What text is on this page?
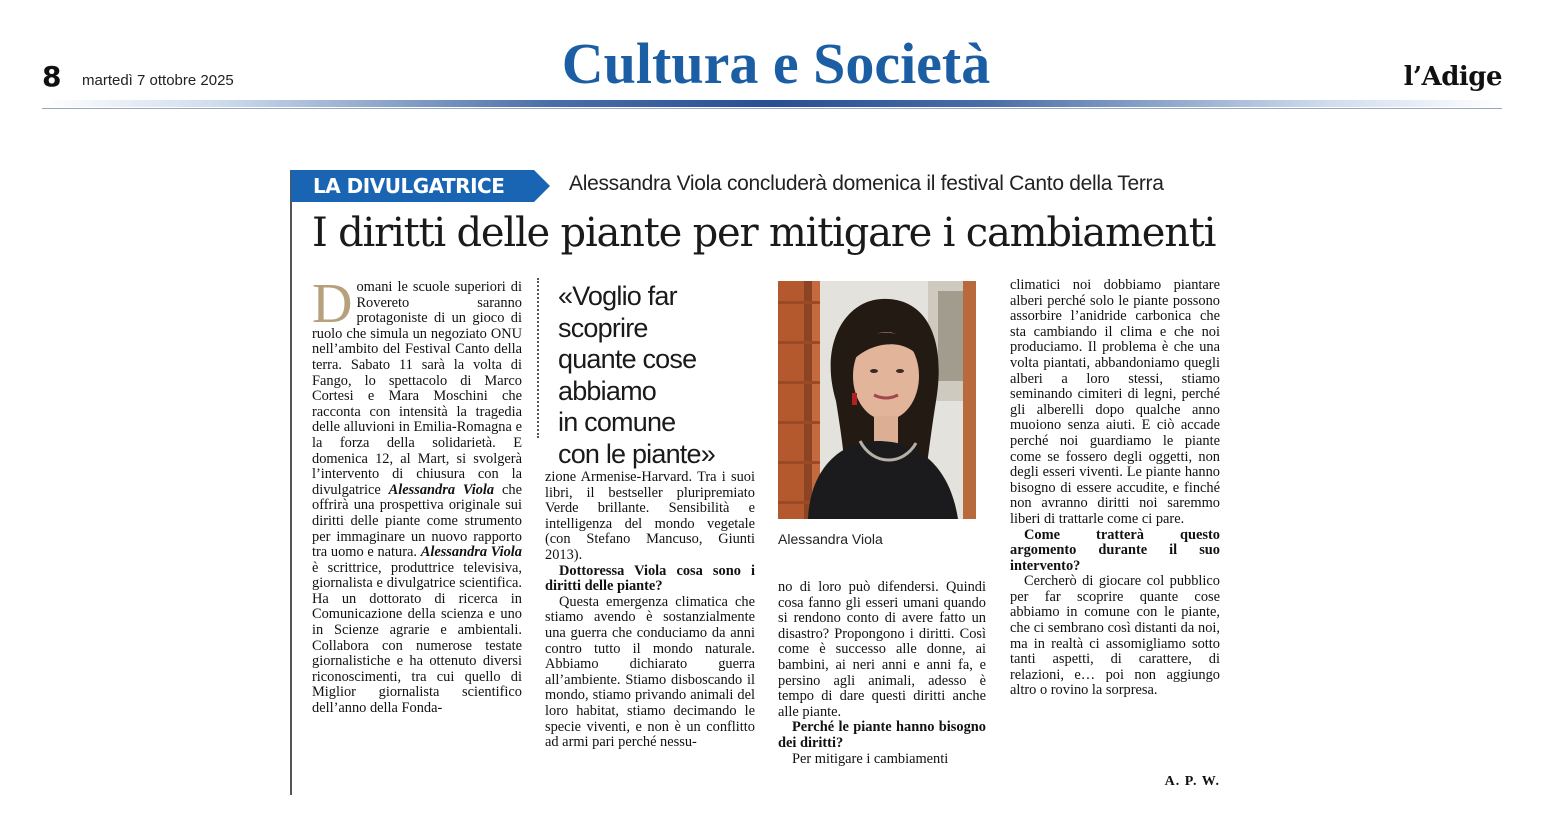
8 martedì 7 ottobre 2025	Cultura e Società	l’Adige
LA DIVULGATRICE	Alessandra Viola concluderà domenica il festival Canto della Terra
I diritti delle piante per mitigare i cambiamenti

Domani le scuole superiori di Rovereto saranno protagoniste di un gioco di ruolo che simula un negoziato ONU nell’ambito del Festival Canto della terra. Sabato 11 sarà la volta di Fango, lo spettacolo di Marco Cortesi e Mara Moschini che racconta con intensità la tragedia delle alluvioni in Emilia-Romagna e la forza della solidarietà. E domenica 12, al Mart, si svolgerà l’intervento di chiusura con la divulgatrice Alessandra Viola che offrirà una prospettiva originale sui diritti delle piante come strumento per immaginare un nuovo rapporto tra uomo e natura. Alessandra Viola è scrittrice, produttrice televisiva, giornalista e divulgatrice scientifica. Ha un dottorato di ricerca in Comunicazione della scienza e uno in Scienze agrarie e ambientali. Collabora con numerose testate giornalistiche e ha ottenuto diversi riconoscimenti, tra cui quello di Miglior giornalista scientifico dell’anno della Fonda-

«Voglio far scoprire
quante cose
abbiamo
in comune
con le piante»

zione Armenise-Harvard. Tra i suoi libri, il bestseller pluripremiato Verde brillante. Sensibilità e intelligenza del mondo vegetale (con Stefano Mancuso, Giunti 2013).

Dottoressa Viola cosa sono i diritti delle piante?

Questa emergenza climatica che stiamo avendo è sostanzialmente una guerra che conduciamo da anni contro tutto il mondo naturale. Abbiamo dichiarato guerra all’ambiente. Stiamo disboscando il mondo, stiamo privando animali del loro habitat, stiamo decimando le specie viventi, e non è un conflitto ad armi pari perché nessu-

Alessandra Viola

no di loro può difendersi. Quindi cosa fanno gli esseri umani quando si rendono conto di avere fatto un disastro? Propongono i diritti. Così come è successo alle donne, ai bambini, ai neri anni e anni fa, e persino agli animali, adesso è tempo di dare questi diritti anche alle piante.

Perché le piante hanno bisogno dei diritti?

Per mitigare i cambiamenti

climatici noi dobbiamo piantare alberi perché solo le piante possono assorbire l’anidride carbonica che sta cambiando il clima e che noi produciamo. Il problema è che una volta piantati, abbandoniamo quegli alberi a loro stessi, stiamo seminando cimiteri di legni, perché gli alberelli dopo qualche anno muoiono senza aiuti. E ciò accade perché noi guardiamo le piante come se fossero degli oggetti, non degli esseri viventi. Le piante hanno bisogno di essere accudite, e finché non avranno diritti noi saremmo liberi di trattarle come ci pare.

Come tratterà questo argomento durante il suo intervento?

Cercherò di giocare col pubblico per far scoprire quante cose abbiamo in comune con le piante, che ci sembrano così distanti da noi, ma in realtà ci assomigliamo sotto tanti aspetti, di carattere, di relazioni, e… poi non aggiungo altro o rovino la sorpresa.

A. P. W.
